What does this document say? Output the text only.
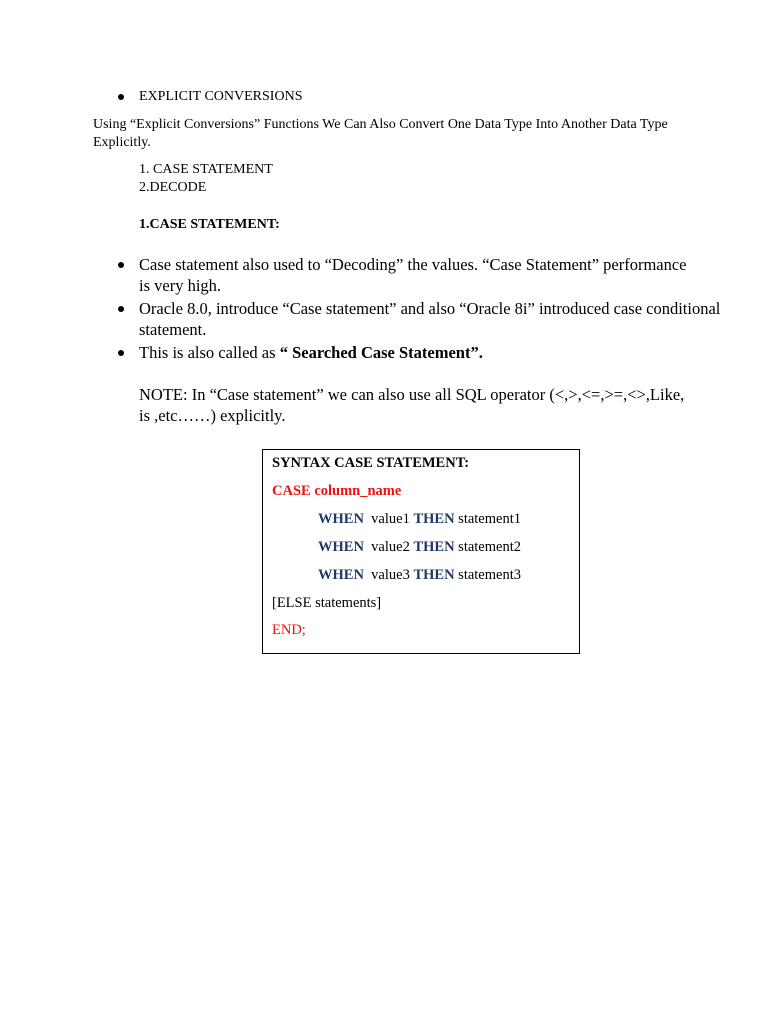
EXPLICIT CONVERSIONS
Using “Explicit Conversions” Functions We Can Also Convert One Data Type Into Another Data Type
Explicitly.
1. CASE STATEMENT
2.DECODE
1.CASE STATEMENT:
Case statement also used to “Decoding” the values. “Case Statement” performance
is very high.
Oracle 8.0, introduce “Case statement” and also “Oracle 8i” introduced case conditional
statement.
This is also called as “ Searched Case Statement”.
NOTE: In “Case statement” we can also use all SQL operator (<,>,<=,>=,<>,Like,
is ,etc……) explicitly.
SYNTAX CASE STATEMENT:
CASE column_name
WHEN value1 THEN statement1
WHEN value2 THEN statement2
WHEN value3 THEN statement3
[ELSE statements]
END;
